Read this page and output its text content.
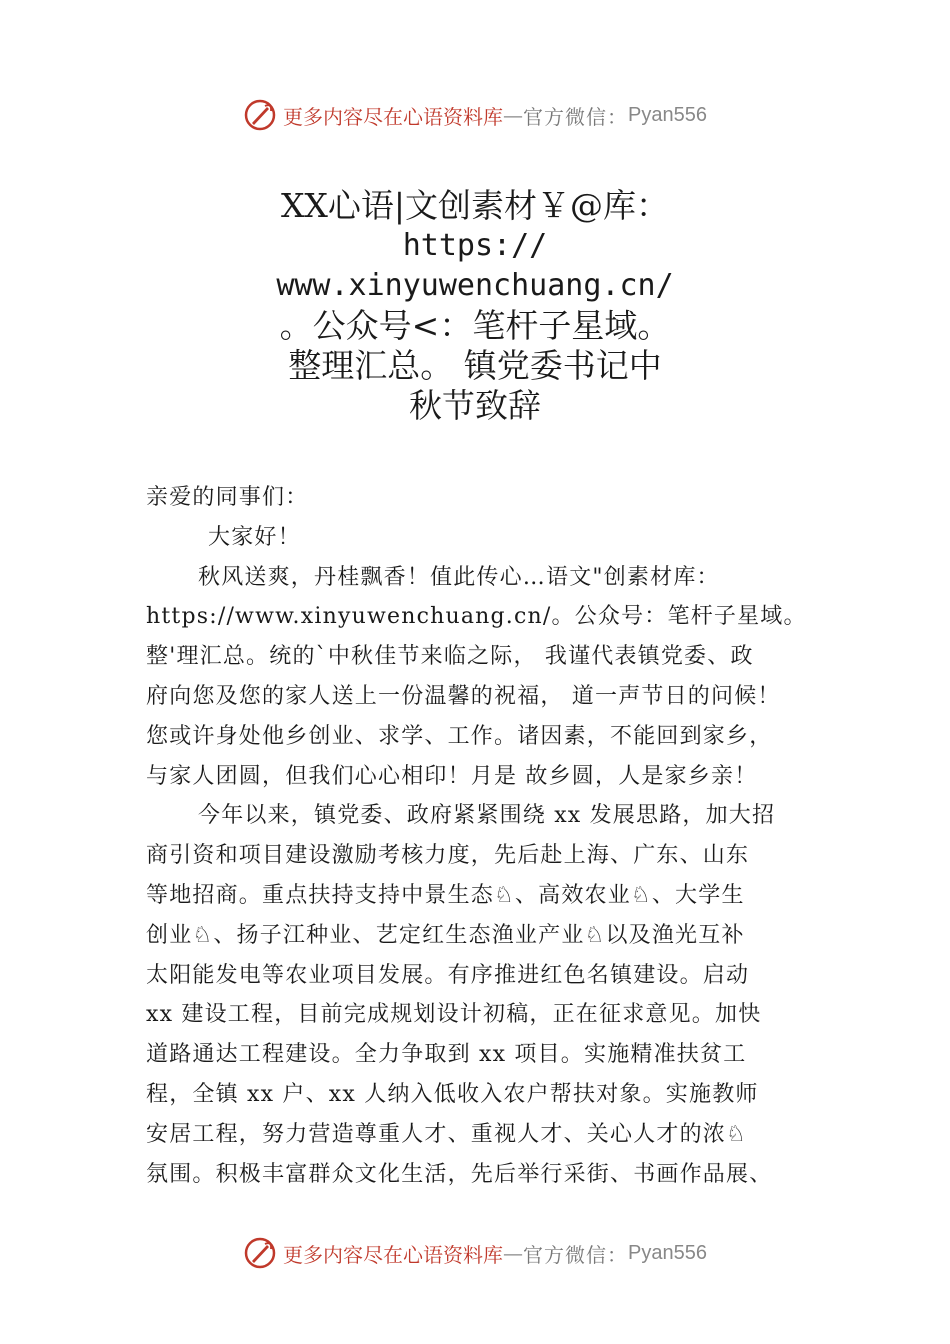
更多内容尽在心语资料库 — 官方微信： Pyan556
XX心语|文创素材￥@库：
https://
www.xinyuwenchuang.cn/
。公众号<：笔杆子星域。
整理汇总。 镇党委书记中
秋节致辞
亲爱的同事们：
大家好！
秋风送爽，丹桂飘香！值此传心…语文"创素材库：
https://www.xinyuwenchuang.cn/。公众号：笔杆子星域。
整'理汇总。统的`中秋佳节来临之际， 我谨代表镇党委、政
府向您及您的家人送上一份温馨的祝福， 道一声节日的问候！
您或许身处他乡创业、求学、工作。诸因素，不能回到家乡，
与家人团圆，但我们心心相印！月是 故乡圆，人是家乡亲！
今年以来，镇党委、政府紧紧围绕 xx 发展思路，加大招
商引资和项目建设激励考核力度，先后赴上海、广东、山东
等地招商。重点扶持支持中景生态♘、高效农业♘、大学生
创业♘、扬子江种业、艺定红生态渔业产业♘以及渔光互补
太阳能发电等农业项目发展。有序推进红色名镇建设。启动
xx 建设工程，目前完成规划设计初稿，正在征求意见。加快
道路通达工程建设。全力争取到 xx 项目。实施精准扶贫工
程，全镇 xx 户、xx 人纳入低收入农户帮扶对象。实施教师
安居工程，努力营造尊重人才、重视人才、关心人才的浓♘
氛围。积极丰富群众文化生活，先后举行采街、书画作品展、
更多内容尽在心语资料库 — 官方微信： Pyan556
